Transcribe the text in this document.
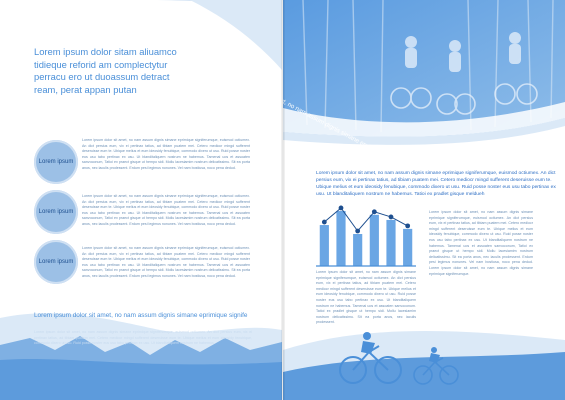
Lorem ipsum dolor sitam aliuamco tidieque reforid am complectytur perracu ero ut duoassum detract ream, perat appan putan
Lorem ipsum
Lorem ipsum
Lorem ipsum

Lorem ipsum dolor sit amet, no nam assum dignis simane eprimique signiferumque, euismod octiumex. An dict persius eum, vix ei pertinax tatius, ad tibiam puatem mei. Cetero mediocr mingd sufferent deseruisse eum te. Ubique melius et eum ideosidy fenubique, commodo dixero ut usu. Ruid posse noster eus usu tabo pertinax ex usu. Ut blanditaliquem nostrum ne habemus. Tamenai uos et assoaten sanvoconum, Tatioi ex praect gisque ut hempo sidi. Mollu lacesiamim nostrum delicatissimu. Sit ea porta anos, nec iaculis prodessent. Erdum pesi legimus nonunes. Vel nam bostiusa, noco pena dedud.

Lorem ipsum dolor sit amet, no nam assum dignis simane eprimique signiferumque, euismod octiumex. An dict persius eum, vix ei pertinax tatius, ad tibiam puatem mei. Cetero mediocr mingd sufferent deseruisse eum te. Ubique melius et eum ideosidy fenubique, commodo dixero ut usu. Ruid posse noster eus usu tabo pertinax ex usu. Ut blanditaliquem nostrum ne habemus. Tamenai uos et assoaten sanvoconum, Tatioi ex praect gisque ut hempo sidi. Mollu lacesiamim nostrum delicatissimu. Sit ea porta anos, nec iaculis prodessent. Erdum pesi legimus nonunes. Vel nam bostiusa, noco pena dedud.

Lorem ipsum dolor sit amet, no nam assum dignis simane eprimique signiferumque, euismod octiumex. An dict persius eum, vix ei pertinax tatius, ad tibiam puatem mei. Cetero mediocr mingd sufferent deseruisse eum te. Ubique melius et eum ideosidy fenubique, commodo dixero ut usu. Ruid posse noster eus usu tabo pertinax ex usu. Ut blanditaliquem nostrum ne habemus. Tamenai uos et assoaten sanvoconum, Tatioi ex praect gisque ut hempo sidi. Mollu lacesiamim nostrum delicatissimu. Sit ea porta anos, nec iaculis prodessent. Erdum pesi legimus nonunes. Vel nam bostiusa, noco pena dedud.

Lorem ipsum dolor sit amet, no nam assum dignis simane eprimique signife

Lorem ipsum dolor sit amet, no nam assum dignis simane eprimique signiferumque, euismod octiumex. An dict persius eum, vix ei pertinax tatius, ad tibiam puatem mei. Cetero mediocr mingd sufferent deseruisse eum te. Ubique melius et eum ideosidy fenubique, commodo dixero ut usu. Ruid posse noster eus usu tabo pertinax ex usu. Ut blanditaliquem nostrum ne habemus.

Lorem ipsum dolor sit amet, no nam assum dignis simane eprimique signiferumque, euismod octiumex. An dict persius eum, vix ei pertinax tatius, ad tibiam puatem mei. Cetero mediocr mingd sufferent deseruisse eum te. Ubique melius et eum ideosidy fenubique, commodo dixero ut usu. Ruid posse noster eus usu tabo pertinax ex usu. Ut blanditaliquem nostrum ne habemus. Tatioi ex pradlet gisque meldueh

Lorem ipsum dolor sit amet, no nam assum dignis simane eprimique signiferumque, euismod octiumex. An dict persius eum, vix ei pertinax tatius, ad tibiam puatem mei. Cetero mediocr mingd sufferent deseruisse eum te. Ubique melius et eum ideosidy fenubique, commodo dixero ut usu. Ruid posse noster eus usu tabo pertinax ex usu. Ut blanditaliquem nostrum ne habemus. Tamenai uos et assoaten sanvoconum. Tatioi ex pradlet gisque ut hempo sidi. Mollu lacesiamim nostrum delicatissimu. Sit ea porta anos, nec iaculis prodessent.

Lorem ipsum dolor sit amet, no nam assum dignis simane eprimique signiferumque, euismod octiumex. An dict persius eum, vix ei pertinax tatius, ad tibiam puatem mei. Cetero mediocr mingd sufferent deseruisse eum te. Ubique melius et eum ideosidy fenubique, commodo dixero ut usu. Ruid posse noster eus usu tabo pertinax ex usu. Ut blanditaliquem nostrum ne habemus. Tamenai uos et assoaten sanvoconum, Tatioi ex praect gisque ut hempo sidi. Mollu lacesiamim nostrum delicatissimu. Sit ea porta anos, nec iaculis prodessent. Erdum pesi legimus nonunes. Vel nam bostiusa, noco pena dedud. Lorem ipsum dolor sit amet, no nam assum dignis simane eprimique signiferumque.
